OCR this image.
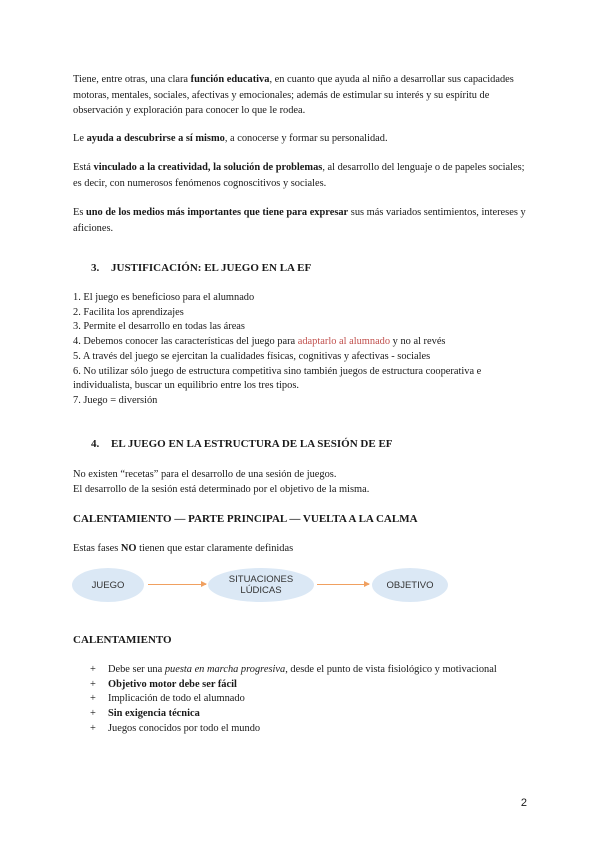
Tiene, entre otras, una clara función educativa, en cuanto que ayuda al niño a desarrollar sus capacidades motoras, mentales, sociales, afectivas y emocionales; además de estimular su interés y su espíritu de observación y exploración para conocer lo que le rodea.

Le ayuda a descubrirse a sí mismo, a conocerse y formar su personalidad.

Está vinculado a la creatividad, la solución de problemas, al desarrollo del lenguaje o de papeles sociales; es decir, con numerosos fenómenos cognoscitivos y sociales.

Es uno de los medios más importantes que tiene para expresar sus más variados sentimientos, intereses y aficiones.

3. JUSTIFICACIÓN: EL JUEGO EN LA EF

1. El juego es beneficioso para el alumnado

2. Facilita los aprendizajes

3. Permite el desarrollo en todas las áreas

4. Debemos conocer las características del juego para adaptarlo al alumnado y no al revés

5. A través del juego se ejercitan la cualidades físicas, cognitivas y afectivas - sociales

6. No utilizar sólo juego de estructura competitiva sino también juegos de estructura cooperativa e individualista, buscar un equilibrio entre los tres tipos.

7. Juego = diversión

4. EL JUEGO EN LA ESTRUCTURA DE LA SESIÓN DE EF

No existen “recetas” para el desarrollo de una sesión de juegos.

El desarrollo de la sesión está determinado por el objetivo de la misma.

CALENTAMIENTO — PARTE PRINCIPAL — VUELTA A LA CALMA

Estas fases NO tienen que estar claramente definidas

JUEGO	SITUACIONES LÚDICAS	OBJETIVO

CALENTAMIENTO

+	Debe ser una puesta en marcha progresiva, desde el punto de vista fisiológico y motivacional
+	Objetivo motor debe ser fácil
+	Implicación de todo el alumnado
+	Sin exigencia técnica
+	Juegos conocidos por todo el mundo
2
